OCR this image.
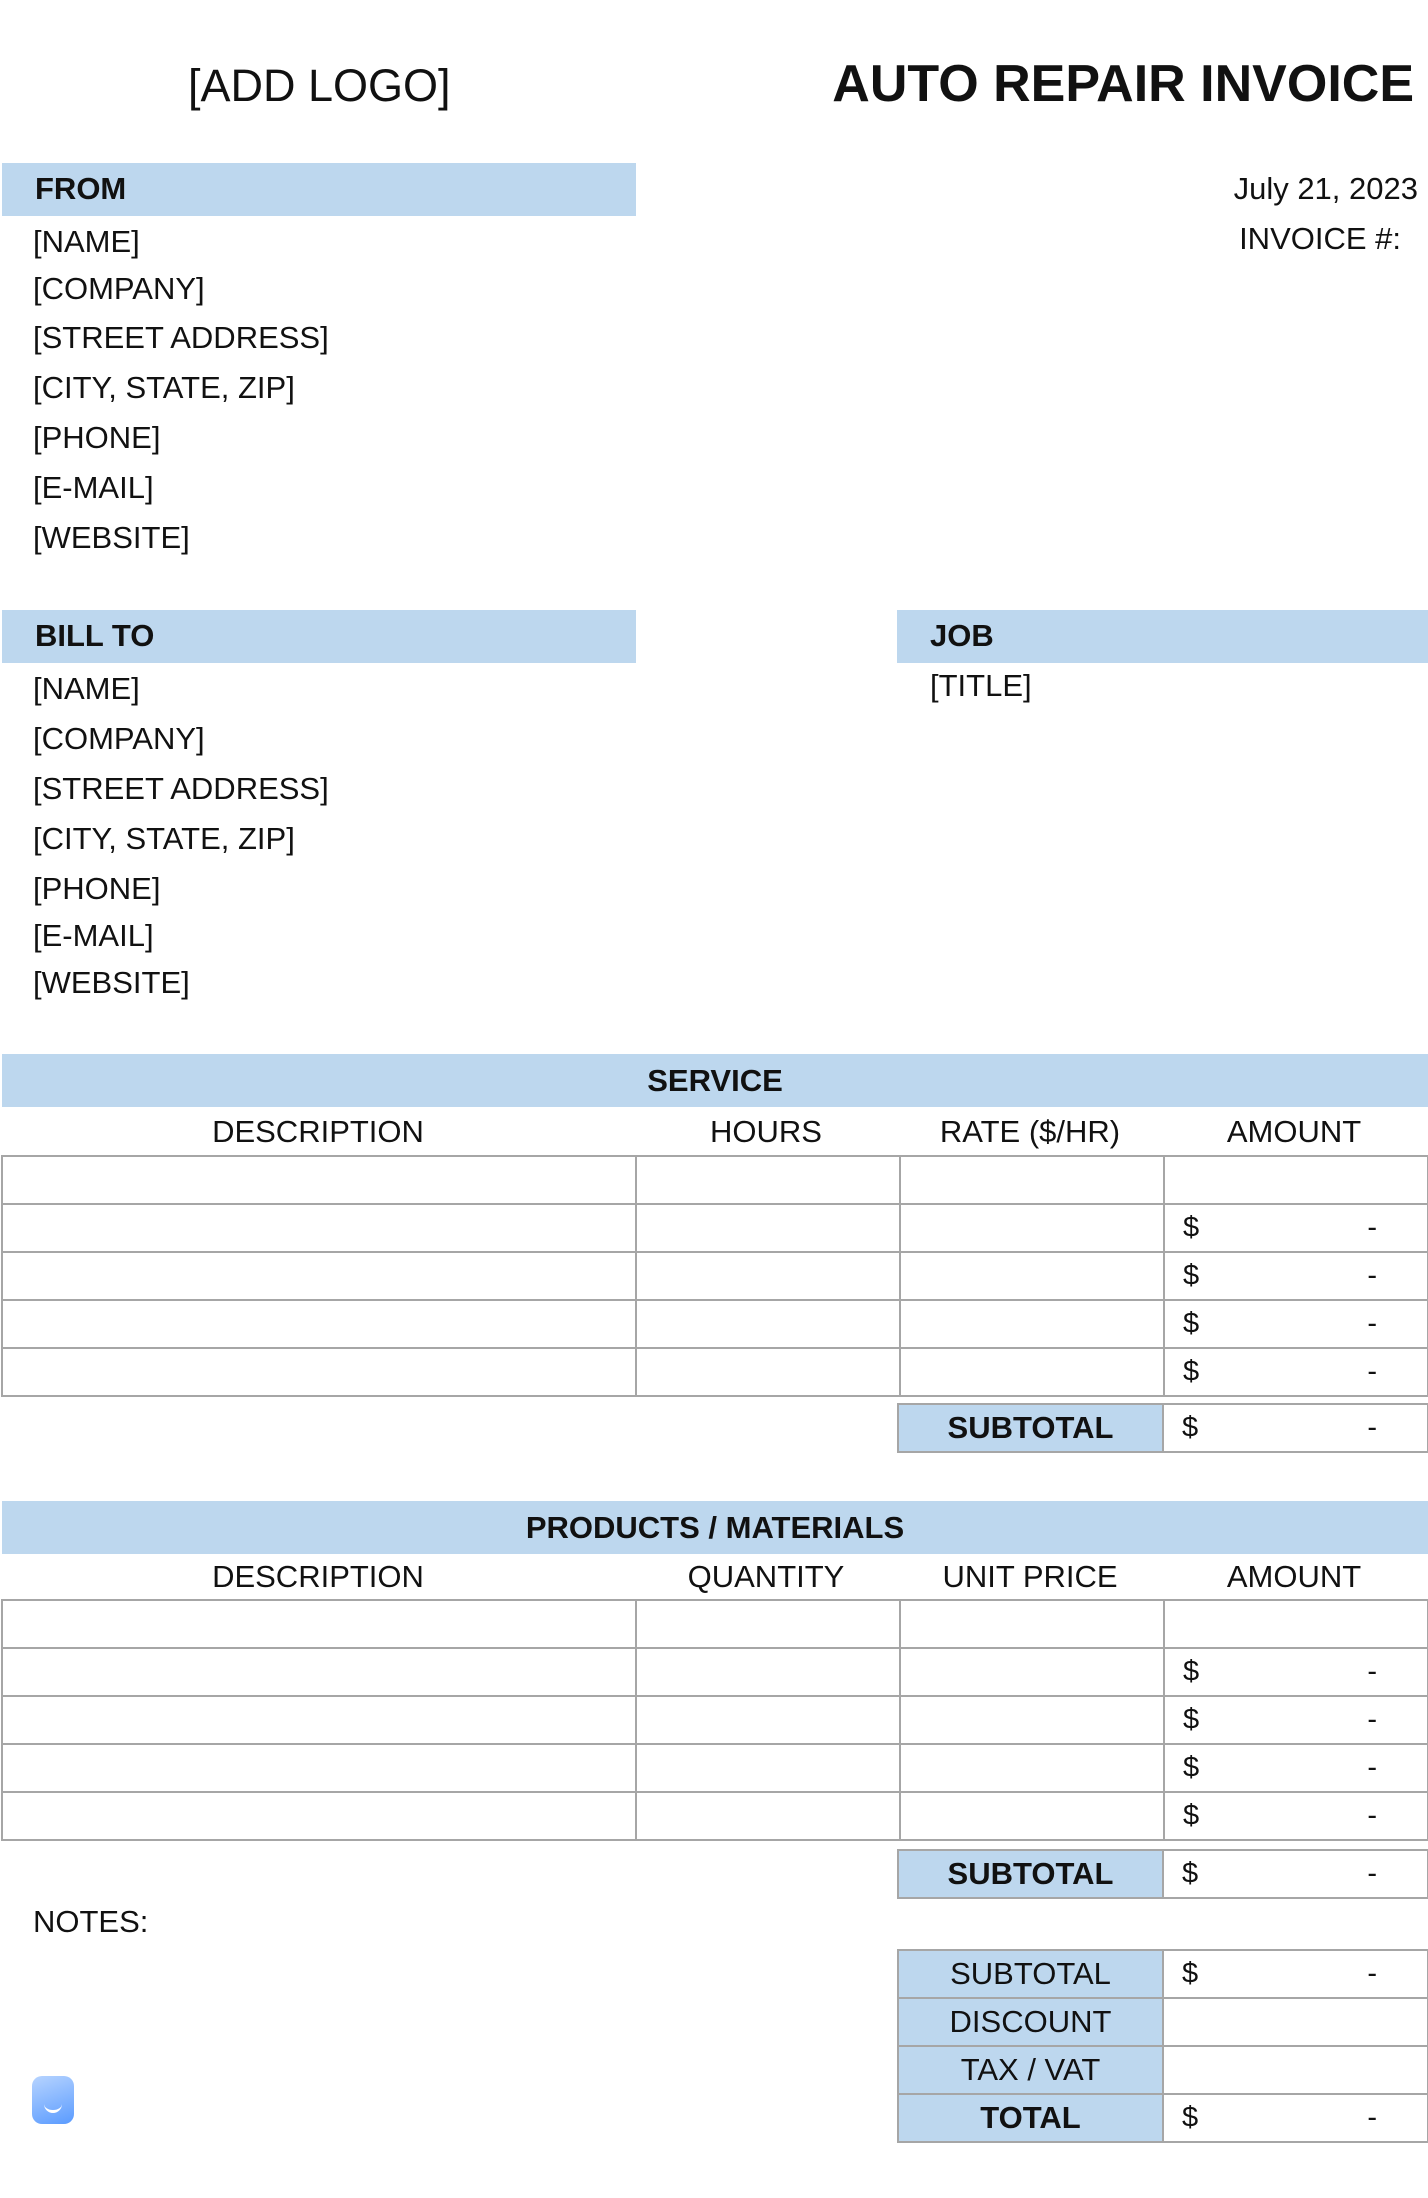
[ADD LOGO]	AUTO REPAIR INVOICE
FROM
[NAME]
[COMPANY]
[STREET ADDRESS]
[CITY, STATE, ZIP]
[PHONE]
[E-MAIL]
[WEBSITE]
July 21, 2023
INVOICE #:
BILL TO
[NAME]
[COMPANY]
[STREET ADDRESS]
[CITY, STATE, ZIP]
[PHONE]
[E-MAIL]
[WEBSITE]
JOB
[TITLE]
SERVICE
DESCRIPTION	HOURS	RATE ($/HR)	AMOUNT

			$ -

			$ -

			$ -

			$ -
SUBTOTAL	$	-
PRODUCTS / MATERIALS
DESCRIPTION	QUANTITY	UNIT PRICE	AMOUNT

			$ -

			$ -

			$ -

			$ -
SUBTOTAL	$	-
NOTES:
SUBTOTAL	$ -

DISCOUNT	
TAX / VAT	
TOTAL	$ -
